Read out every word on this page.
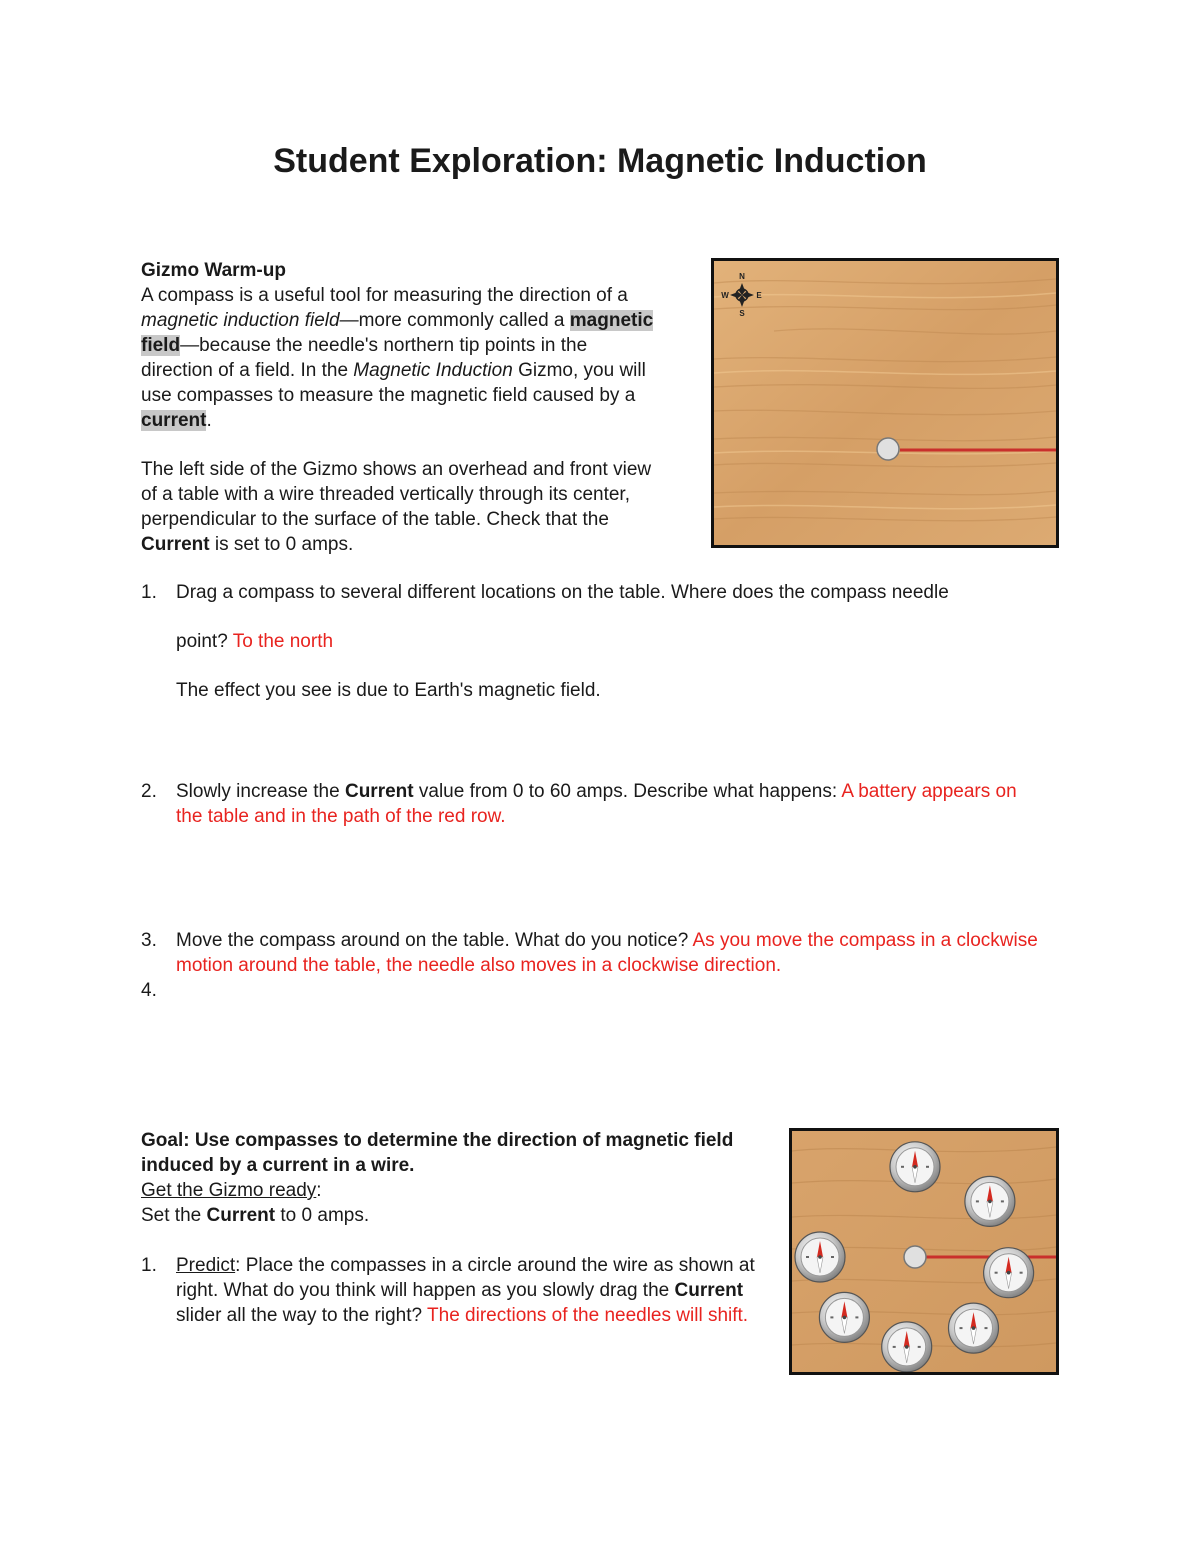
Student Exploration: Magnetic Induction

Gizmo Warm-up

A compass is a useful tool for measuring the direction of a magnetic induction field—more commonly called a magnetic field—because the needle's northern tip points in the direction of a field. In the Magnetic Induction Gizmo, you will use compasses to measure the magnetic field caused by a current.

The left side of the Gizmo shows an overhead and front view of a table with a wire threaded vertically through its center, perpendicular to the surface of the table. Check that the Current is set to 0 amps.

N
S
E
W
1. Drag a compass to several different locations on the table. Where does the compass needle

point? To the north

The effect you see is due to Earth's magnetic field.

2. Slowly increase the Current value from 0 to 60 amps. Describe what happens: A battery appears on the table and in the path of the red row.

3. Move the compass around on the table. What do you notice? As you move the compass in a clockwise motion around the table, the needle also moves in a clockwise direction.

4.

Goal: Use compasses to determine the direction of magnetic field induced by a current in a wire.

Get the Gizmo ready:

Set the Current to 0 amps.

1. Predict: Place the compasses in a circle around the wire as shown at right. What do you think will happen as you slowly drag the Current slider all the way to the right? The directions of the needles will shift.
